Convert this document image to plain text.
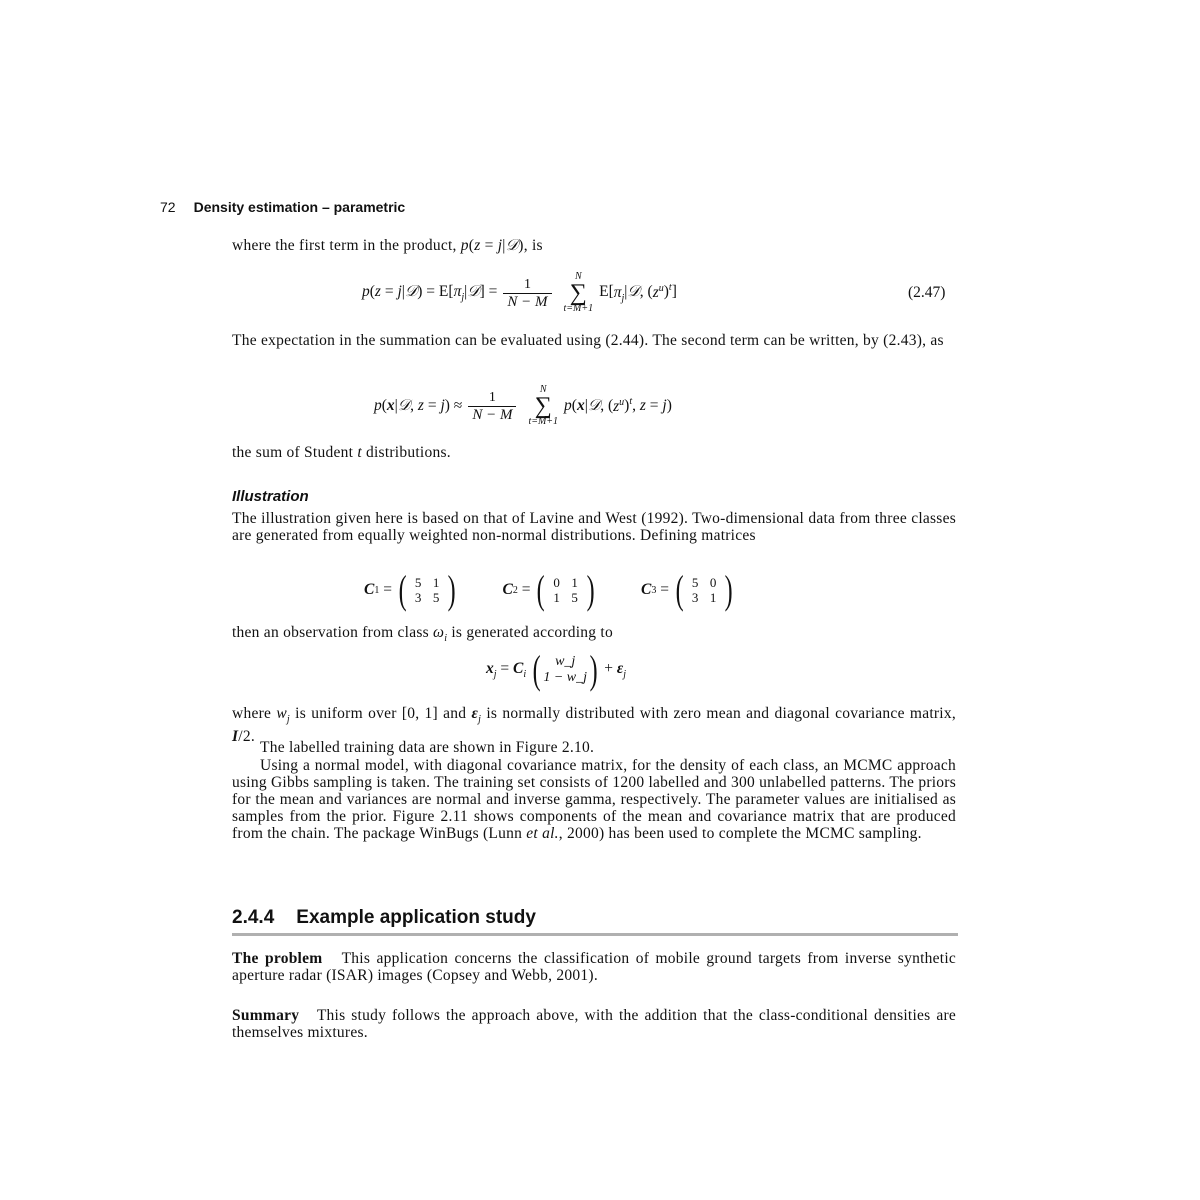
72 Density estimation – parametric
where the first term in the product, p(z = j|𝒟), is
p(z = j|𝒟) = $E[\pi_j|𝒟] = \frac{1}{N - M}$ N
∑
t=M+1
$E[\pi_j|𝒟$, $(z^u)^t$]	(2.47)
The expectation in the summation can be evaluated using (2.44). The second term can be written, by (2.43), as
p(x|𝒟, $z = j) \approx \frac{1}{N - M}$ N
∑
t=M+1
p(x|𝒟, $(z^u)^t$, z = j)
the sum of Student t distributions.
Illustration
The illustration given here is based on that of Lavine and West (1992). Two-dimensional data from three classes are generated from equally weighted non-normal distributions. Defining matrices
C 1 = ( 5 1
3 5 )	C 2 = ( 0 1
1 5 )	C 3 = ( 5 0
3 1 )
then an observation from class $\omega_i$ is generated according to
$x_j = C_i$ ( w_j
1 − w_j ) + $\varepsilon_j$
where $w_j$ is uniform over [0, 1] and $\varepsilon_j$ is normally distributed with zero mean and diagonal covariance matrix, I/2.
The labelled training data are shown in Figure 2.10.
Using a normal model, with diagonal covariance matrix, for the density of each class, an MCMC approach using Gibbs sampling is taken. The training set consists of 1200 labelled and 300 unlabelled patterns. The priors for the mean and variances are normal and inverse gamma, respectively. The parameter values are initialised as samples from the prior. Figure 2.11 shows components of the mean and covariance matrix that are produced from the chain. The package WinBugs (Lunn et al., 2000) has been used to complete the MCMC sampling.
2.4.4 Example application study
The problem This application concerns the classification of mobile ground targets from inverse synthetic aperture radar (ISAR) images (Copsey and Webb, 2001).
Summary This study follows the approach above, with the addition that the class-conditional densities are themselves mixtures.
